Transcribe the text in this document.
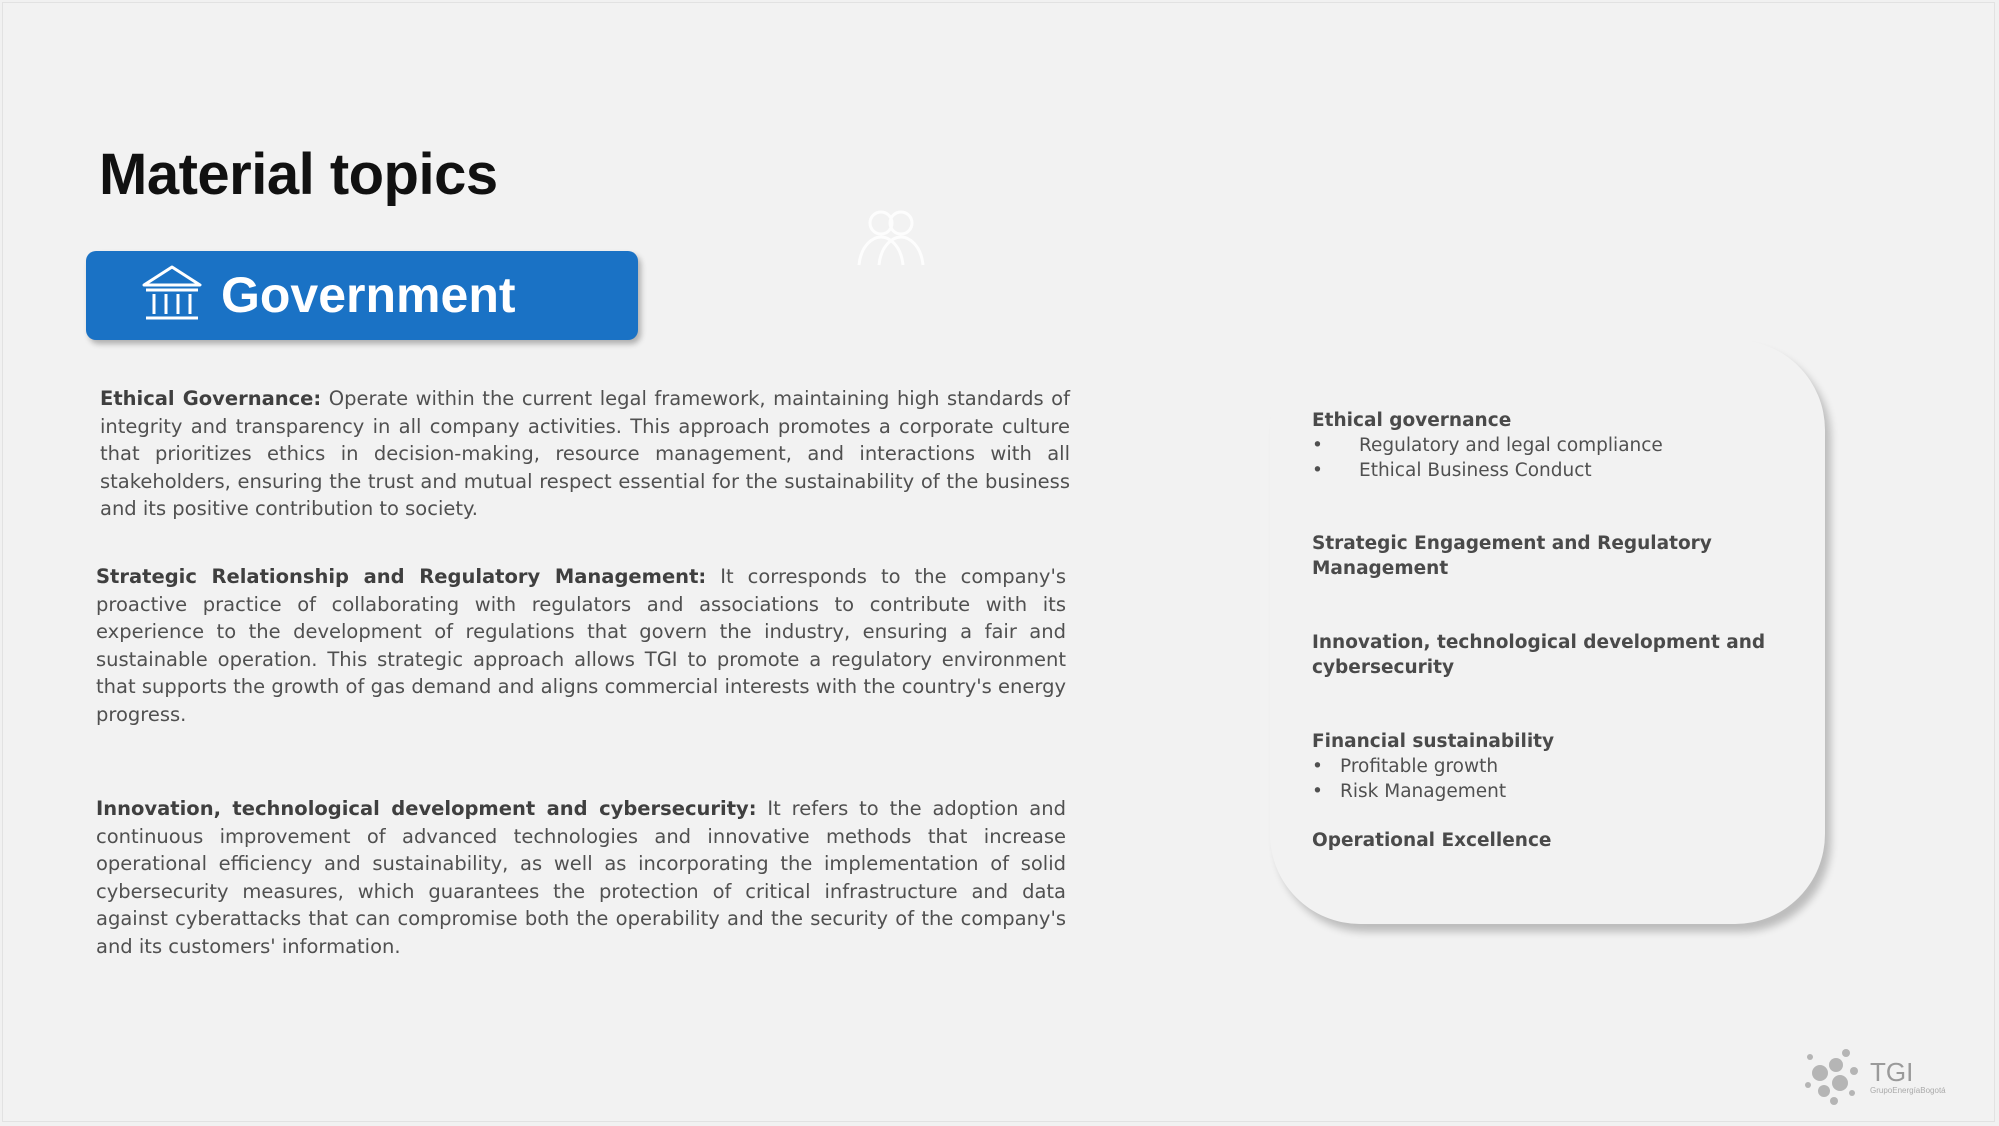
Material topics
Government

Ethical Governance: Operate within the current legal framework, maintaining high standards of integrity and transparency in all company activities. This approach promotes a corporate culture that prioritizes ethics in decision-making, resource management, and interactions with all stakeholders, ensuring the trust and mutual respect essential for the sustainability of the business and its positive contribution to society.

Strategic Relationship and Regulatory Management: It corresponds to the company's proactive practice of collaborating with regulators and associations to contribute with its experience to the development of regulations that govern the industry, ensuring a fair and sustainable operation. This strategic approach allows TGI to promote a regulatory environment that supports the growth of gas demand and aligns commercial interests with the country's energy progress.

Innovation, technological development and cybersecurity: It refers to the adoption and continuous improvement of advanced technologies and innovative methods that increase operational efficiency and sustainability, as well as incorporating the implementation of solid cybersecurity measures, which guarantees the protection of critical infrastructure and data against cyberattacks that can compromise both the operability and the security of the company's and its customers' information.

Ethical governance
• Regulatory and legal compliance
• Ethical Business Conduct
Strategic Engagement and Regulatory Management
Innovation, technological development and cybersecurity
Financial sustainability
• Profitable growth
• Risk Management
Operational Excellence
TGI
GrupoEnergíaBogotá
